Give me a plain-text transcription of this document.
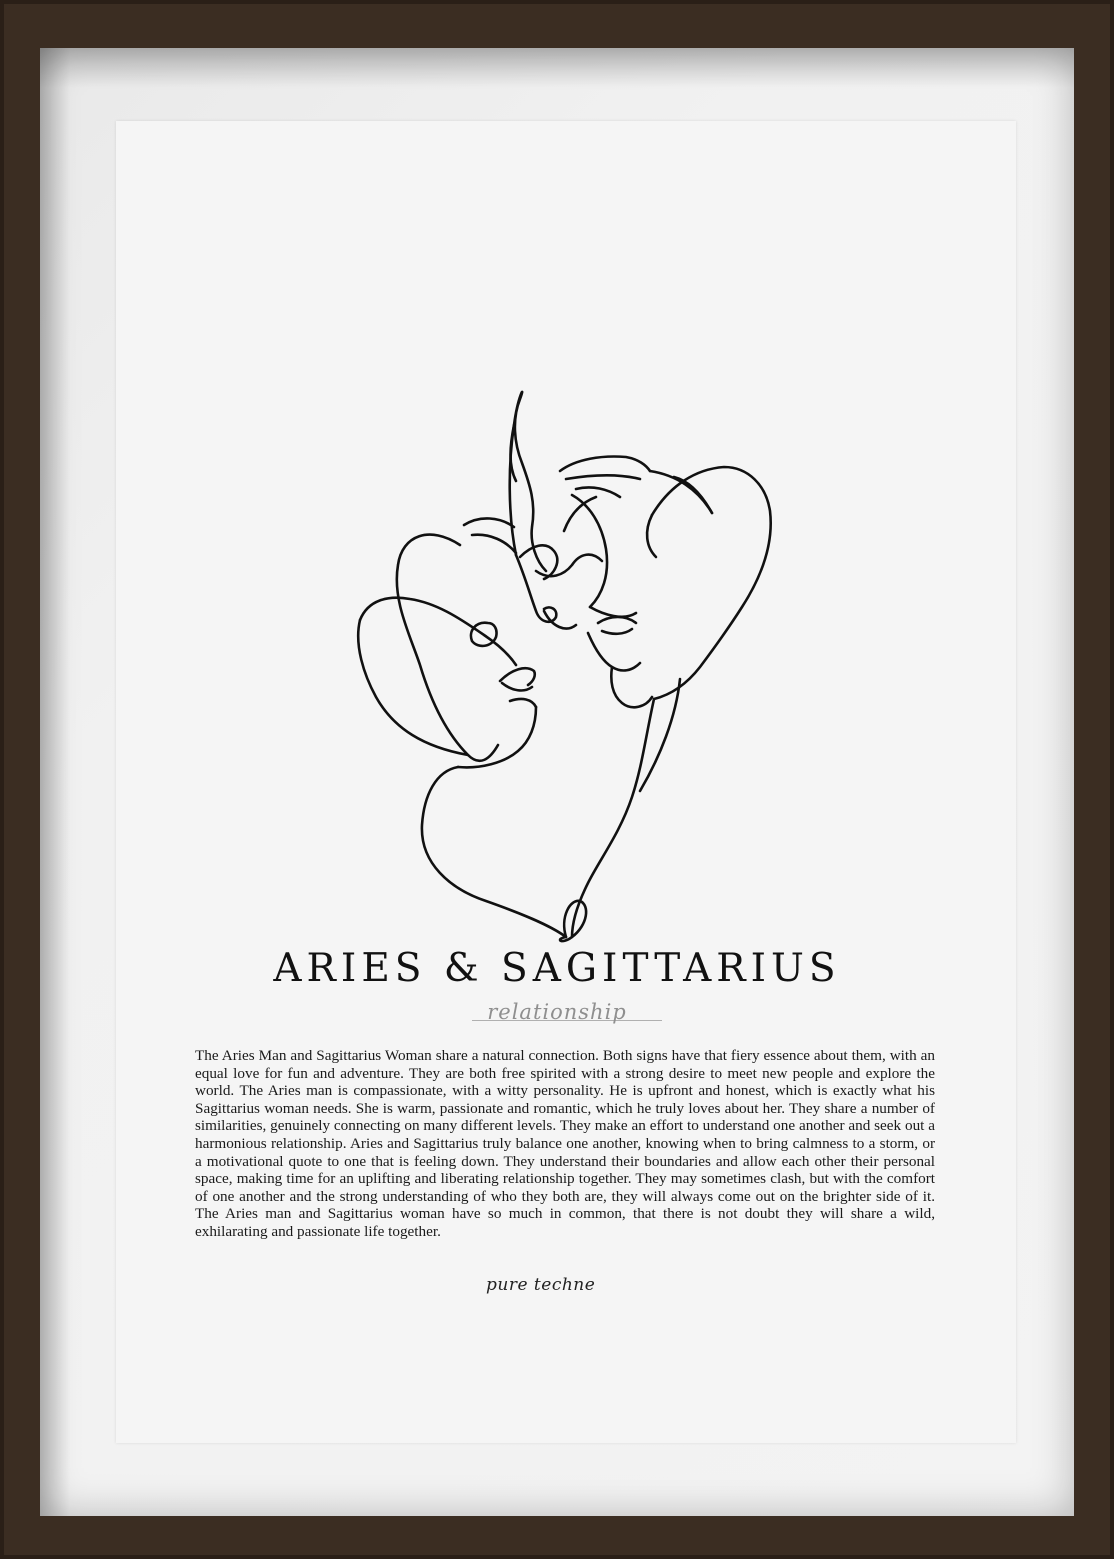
ARIES & SAGITTARIUS
relationship

The Aries Man and Sagittarius Woman share a natural connection. Both signs have that fiery essence about them, with an equal love for fun and adventure. They are both free spirited with a strong desire to meet new people and explore the world. The Aries man is compassionate, with a witty personality. He is upfront and honest, which is exactly what his Sagittarius woman needs. She is warm, passionate and romantic, which he truly loves about her. They share a number of similarities, genuinely connecting on many different levels. They make an effort to understand one another and seek out a harmonious relationship. Aries and Sagittarius truly balance one another, knowing when to bring calmness to a storm, or a motivational quote to one that is feeling down. They understand their boundaries and allow each other their personal space, making time for an uplifting and liberating relationship together. They may sometimes clash, but with the comfort of one another and the strong understanding of who they both are, they will always come out on the brighter side of it. The Aries man and Sagittarius woman have so much in common, that there is not doubt they will share a wild, exhilarating and passionate life together.

pure techne
